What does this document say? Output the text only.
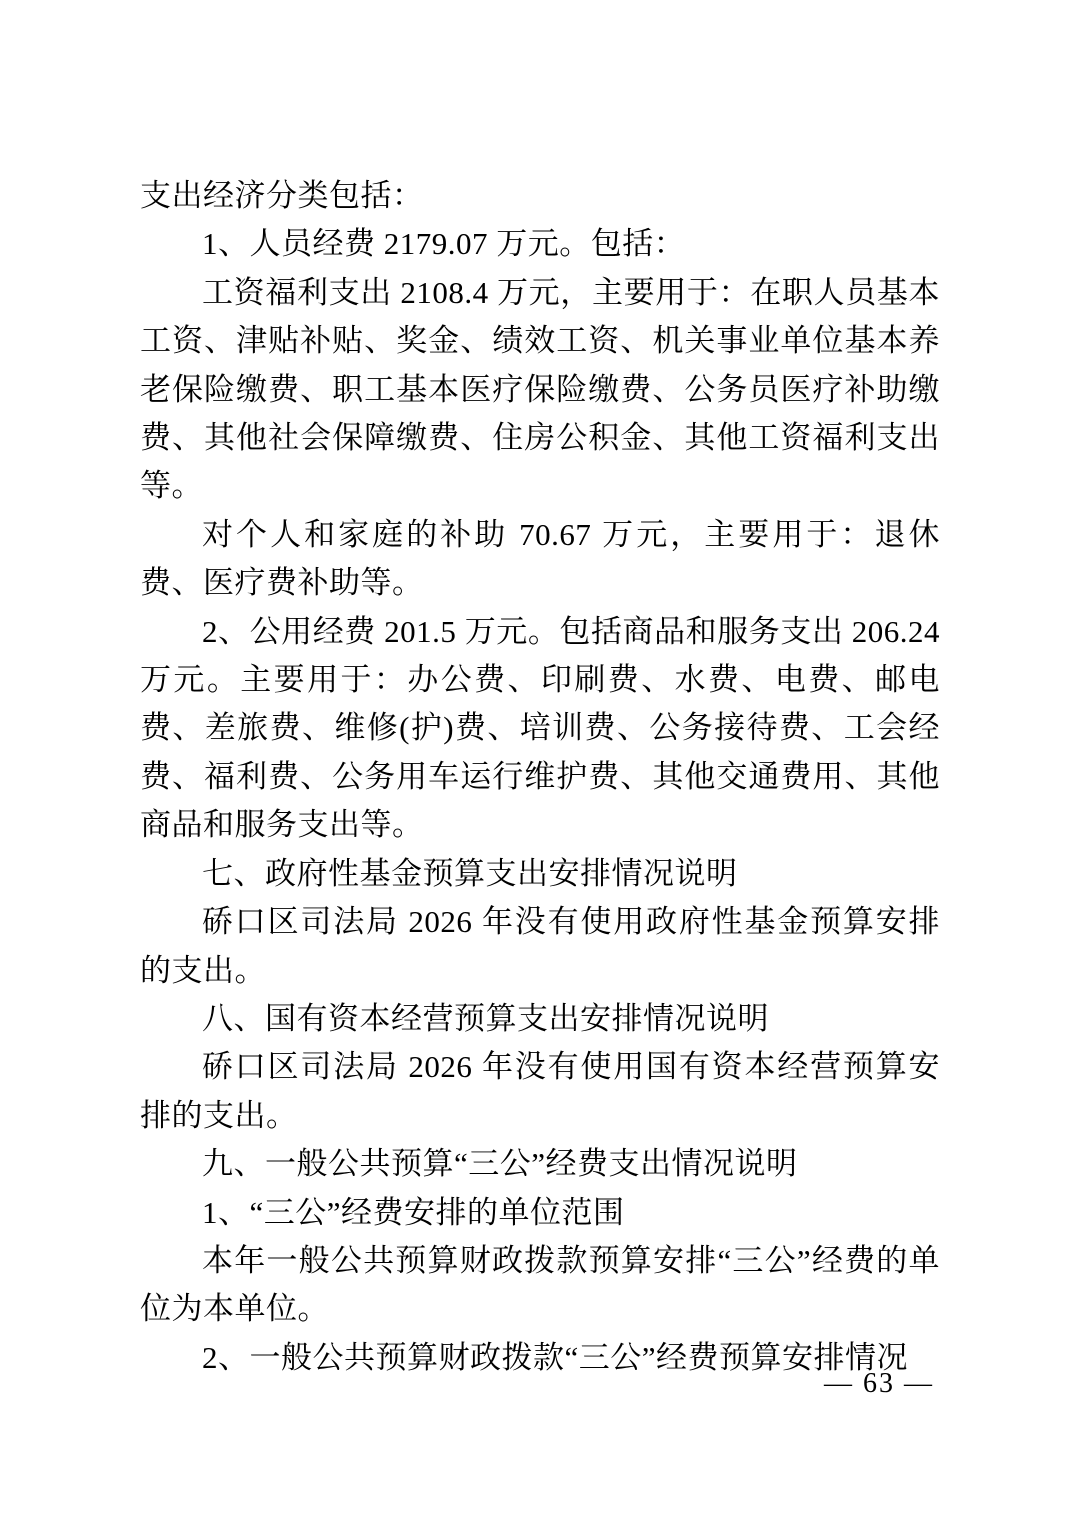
支出经济分类包括：

1、人员经费 2179.07 万元。包括：

工资福利支出 2108.4 万元，主要用于：在职人员基本工资、津贴补贴、奖金、绩效工资、机关事业单位基本养老保险缴费、职工基本医疗保险缴费、公务员医疗补助缴费、其他社会保障缴费、住房公积金、其他工资福利支出等。

对个人和家庭的补助 70.67 万元，主要用于：退休费、医疗费补助等。

2、公用经费 201.5 万元。包括商品和服务支出 206.24 万元。主要用于：办公费、印刷费、水费、电费、邮电费、差旅费、维修(护)费、培训费、公务接待费、工会经费、福利费、公务用车运行维护费、其他交通费用、其他商品和服务支出等。

七、政府性基金预算支出安排情况说明

硚口区司法局 2026 年没有使用政府性基金预算安排的支出。

八、国有资本经营预算支出安排情况说明

硚口区司法局 2026 年没有使用国有资本经营预算安排的支出。

九、一般公共预算“三公”经费支出情况说明

1、“三公”经费安排的单位范围

本年一般公共预算财政拨款预算安排“三公”经费的单位为本单位。

2、一般公共预算财政拨款“三公”经费预算安排情况

— 63 —
